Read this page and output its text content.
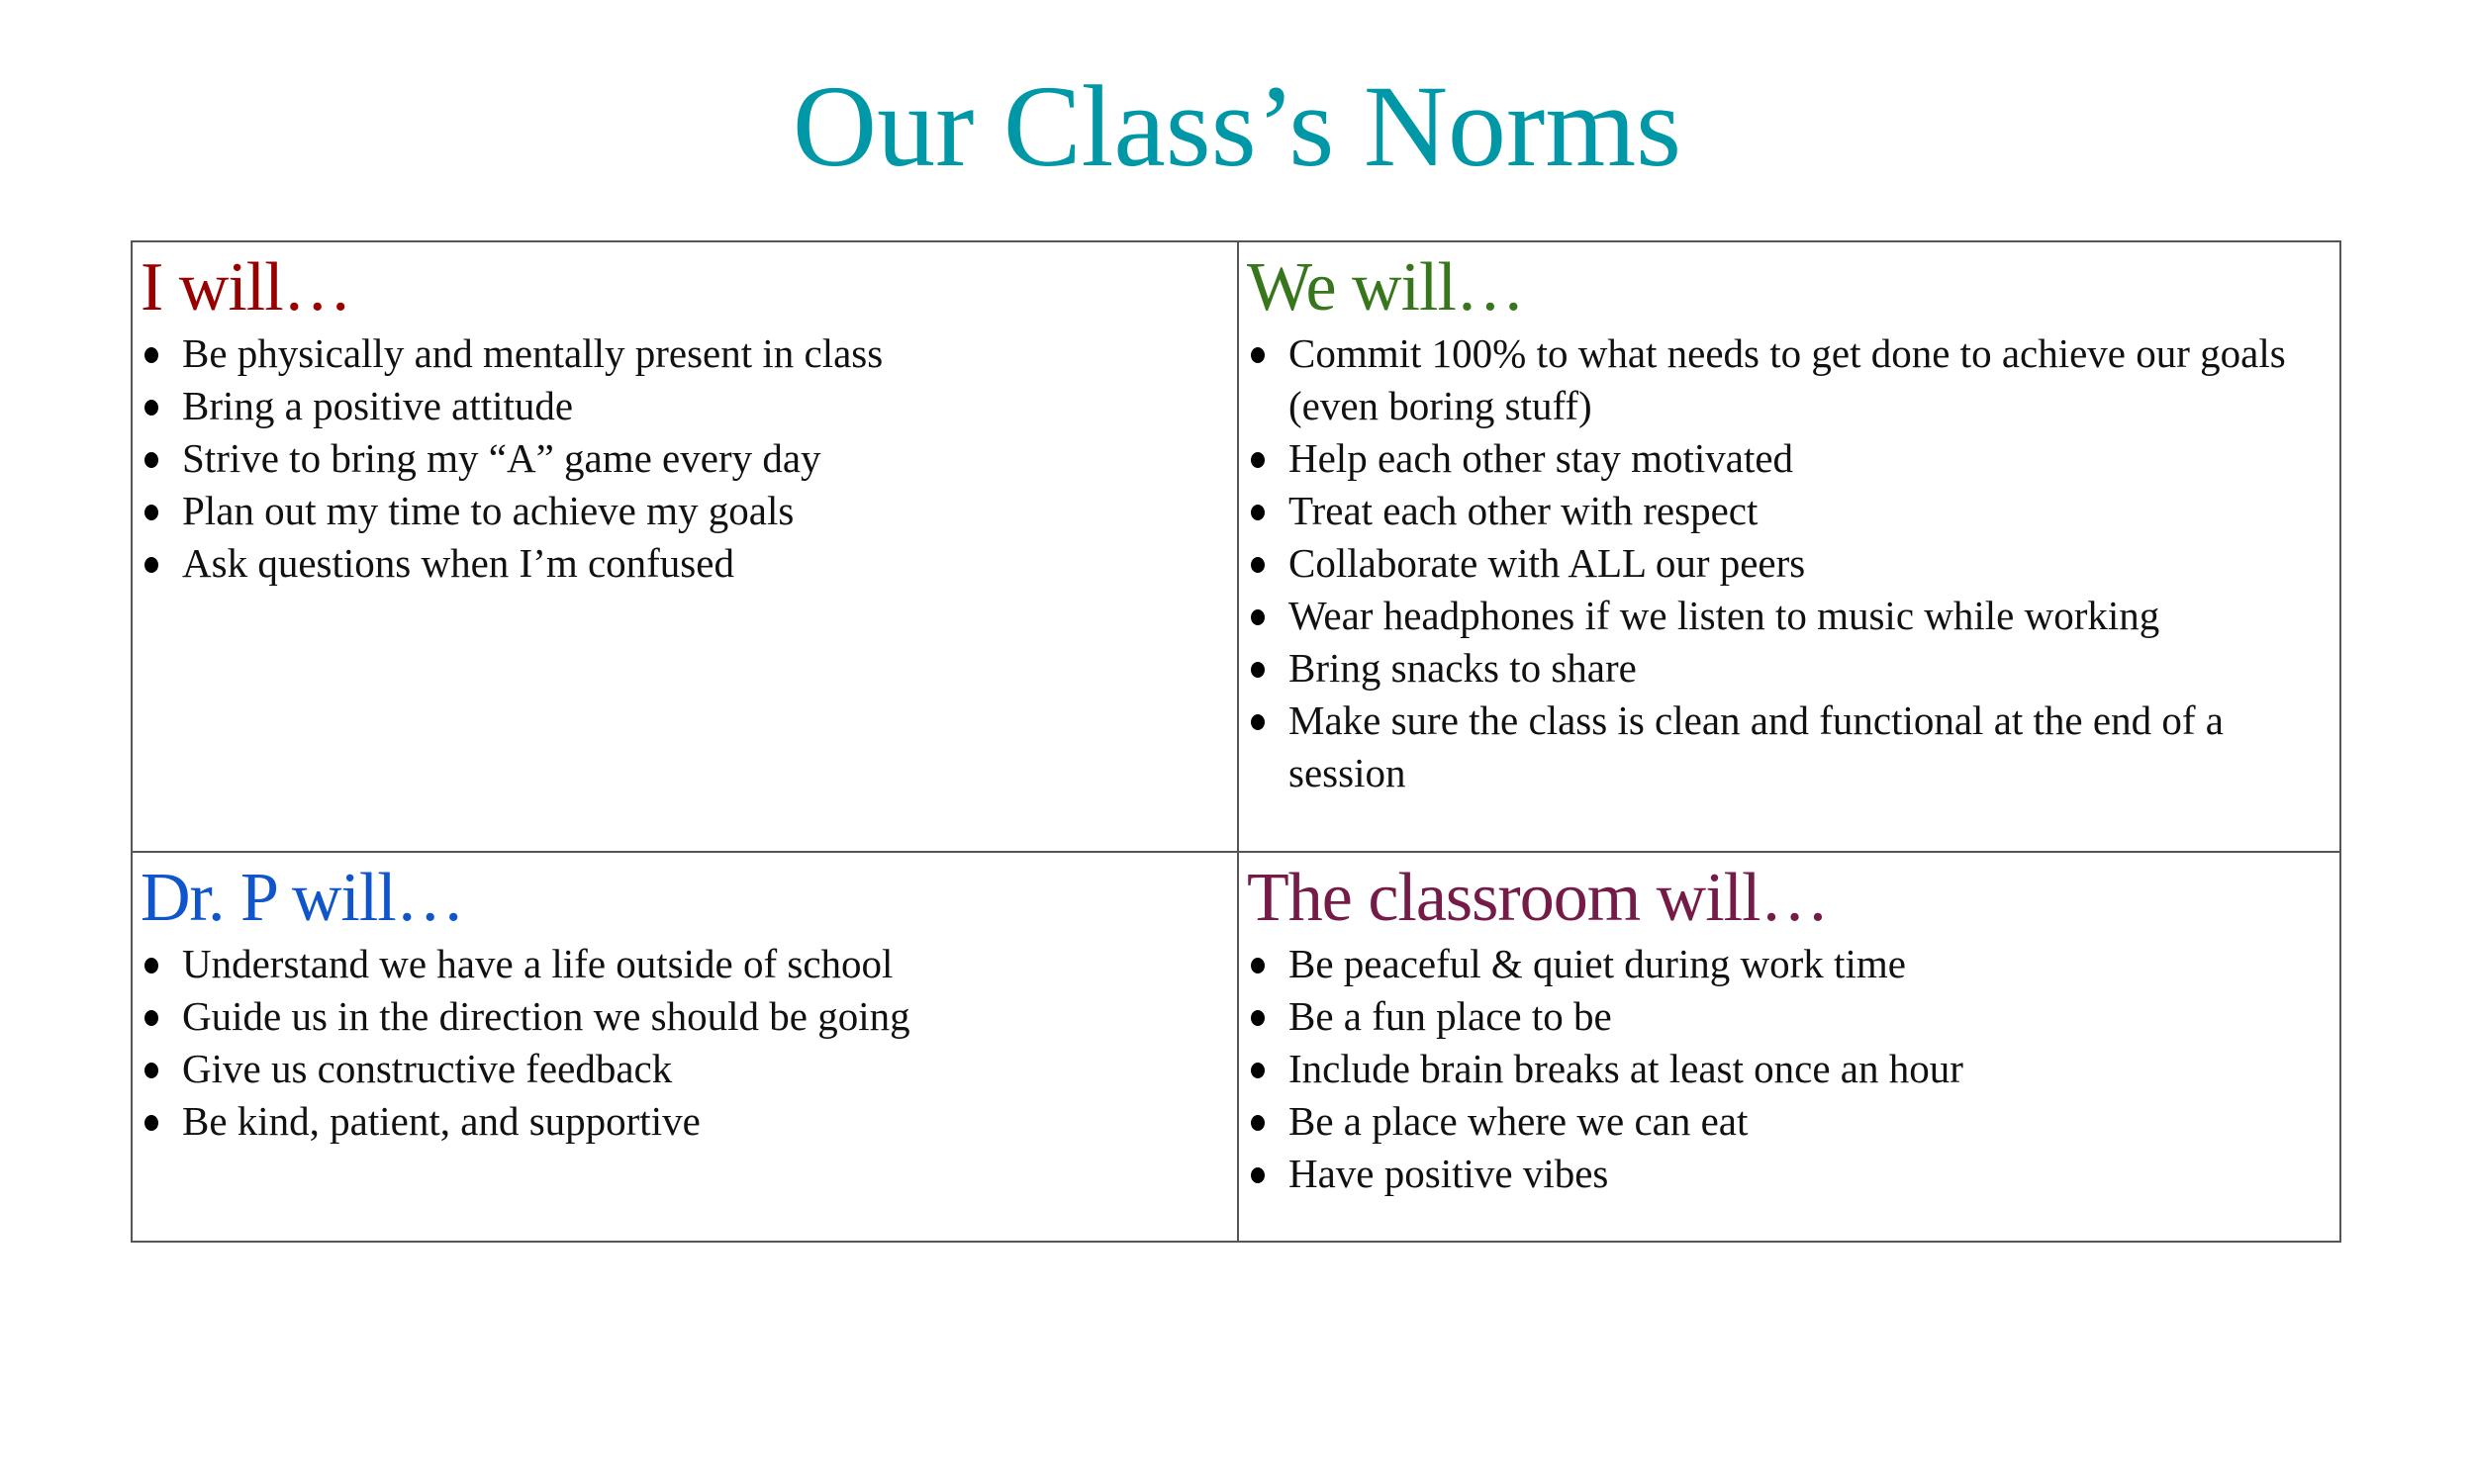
Our Class’s Norms
I will…
Be physically and mentally present in class
Bring a positive attitude
Strive to bring my “A” game every day
Plan out my time to achieve my goals
Ask questions when I’m confused
We will…
Commit 100% to what needs to get done to achieve our goals (even boring stuff)
Help each other stay motivated
Treat each other with respect
Collaborate with ALL our peers
Wear headphones if we listen to music while working
Bring snacks to share
Make sure the class is clean and functional at the end of a session
Dr. P will…
Understand we have a life outside of school
Guide us in the direction we should be going
Give us constructive feedback
Be kind, patient, and supportive
The classroom will…
Be peaceful & quiet during work time
Be a fun place to be
Include brain breaks at least once an hour
Be a place where we can eat
Have positive vibes
